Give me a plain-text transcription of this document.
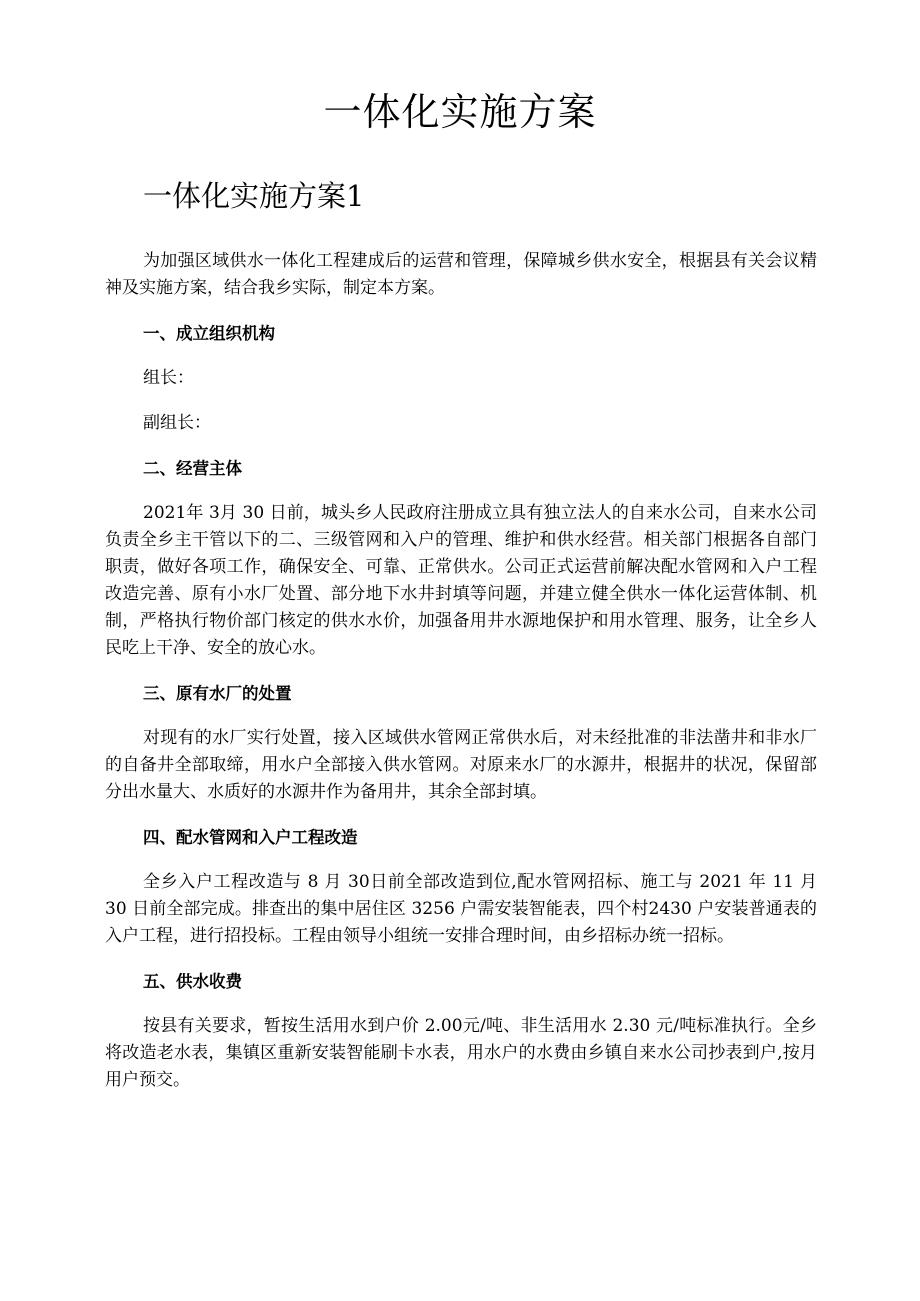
一体化实施方案
一体化实施方案1

为加强区域供水一体化工程建成后的运营和管理，保障城乡供水安全，根据县有关会议精神及实施方案，结合我乡实际，制定本方案。

一、成立组织机构

组长：

副组长：

二、经营主体

2021年 3月 30 日前，城头乡人民政府注册成立具有独立法人的自来水公司，自来水公司负责全乡主干管以下的二、三级管网和入户的管理、维护和供水经营。相关部门根据各自部门职责，做好各项工作，确保安全、可靠、正常供水。公司正式运营前解决配水管网和入户工程改造完善、原有小水厂处置、部分地下水井封填等问题，并建立健全供水一体化运营体制、机制，严格执行物价部门核定的供水水价，加强备用井水源地保护和用水管理、服务，让全乡人民吃上干净、安全的放心水。

三、原有水厂的处置

对现有的水厂实行处置，接入区域供水管网正常供水后，对未经批准的非法凿井和非水厂的自备井全部取缔，用水户全部接入供水管网。对原来水厂的水源井，根据井的状况，保留部分出水量大、水质好的水源井作为备用井，其余全部封填。

四、配水管网和入户工程改造

全乡入户工程改造与 8 月 30日前全部改造到位,配水管网招标、施工与 2021 年 11 月 30 日前全部完成。排查出的集中居住区 3256 户需安装智能表，四个村2430 户安装普通表的入户工程，进行招投标。工程由领导小组统一安排合理时间，由乡招标办统一招标。

五、供水收费

按县有关要求，暂按生活用水到户价 2.00元/吨、非生活用水 2.30 元/吨标准执行。全乡将改造老水表，集镇区重新安装智能刷卡水表，用水户的水费由乡镇自来水公司抄表到户,按月用户预交。
